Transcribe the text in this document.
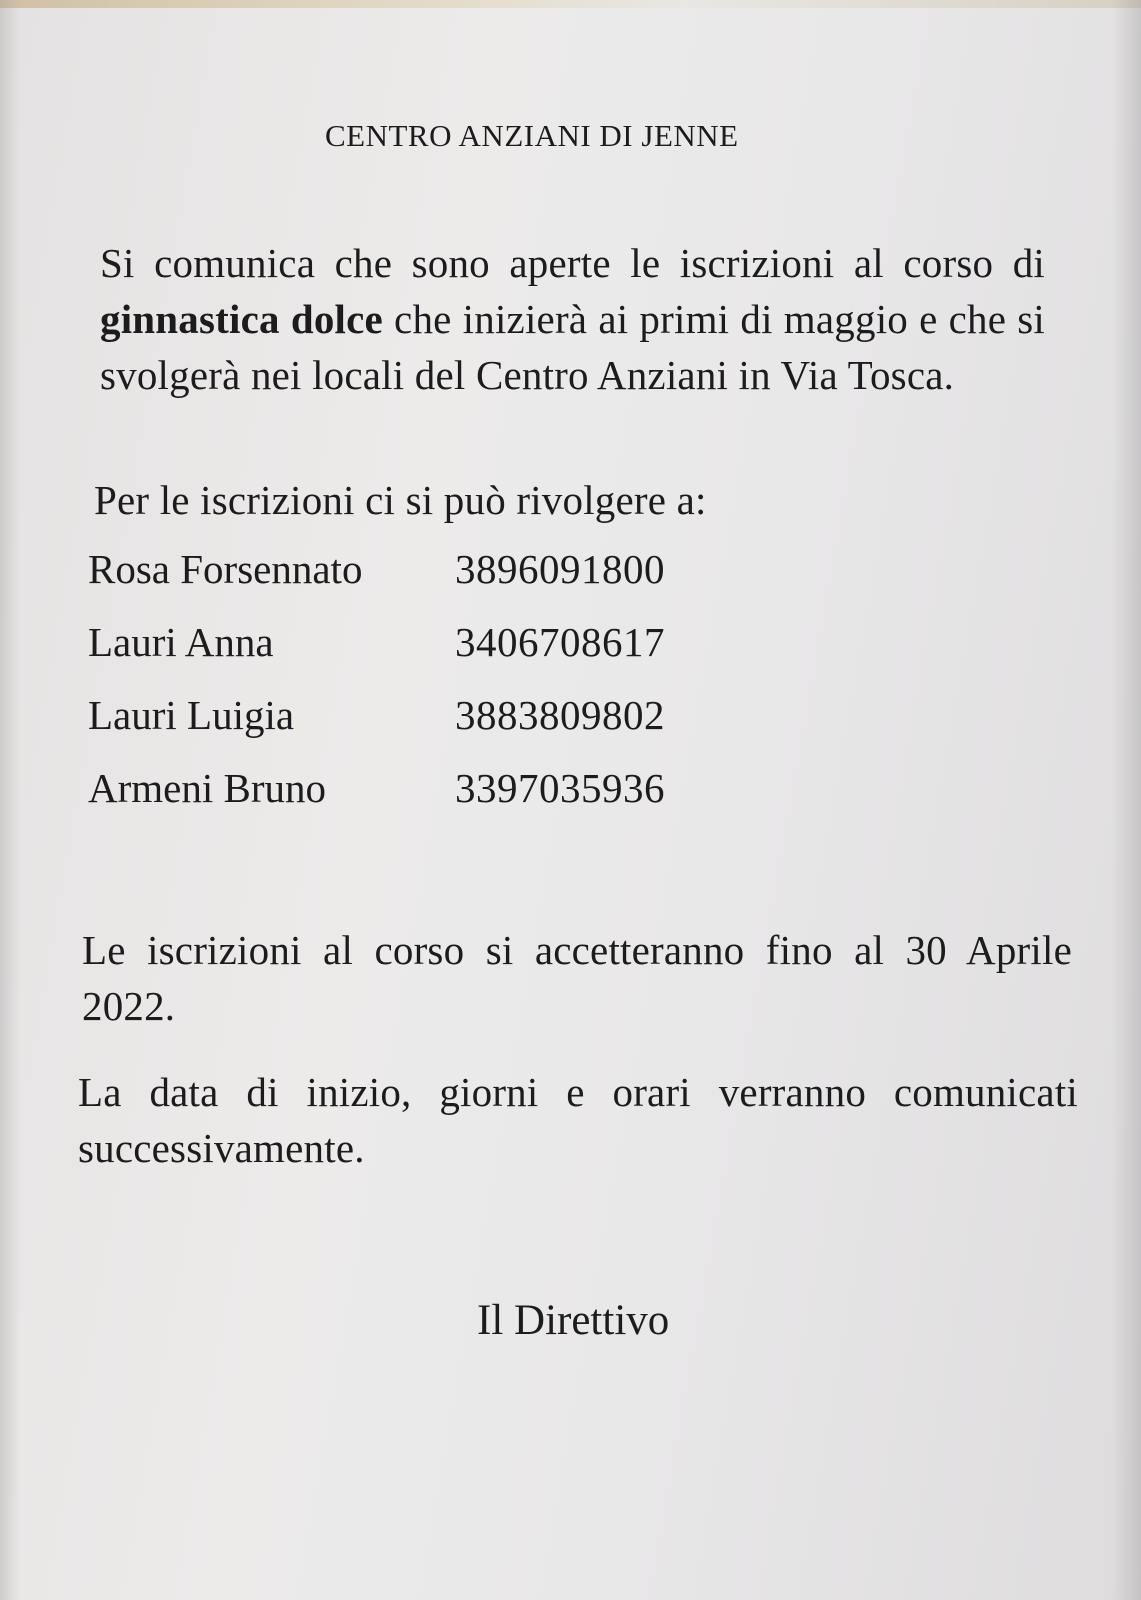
CENTRO ANZIANI DI JENNE
Si comunica che sono aperte le iscrizioni al corso di ginnastica dolce che inizierà ai primi di maggio e che si svolgerà nei locali del Centro Anziani in Via Tosca.
Per le iscrizioni ci si può rivolgere a:
Rosa Forsennato 3896091800
Lauri Anna	3406708617
Lauri Luigia	3883809802
Armeni Bruno	3397035936
Le iscrizioni al corso si accetteranno fino al 30 Aprile 2022.
La data di inizio, giorni e orari verranno comunicati successivamente.
Il Direttivo
